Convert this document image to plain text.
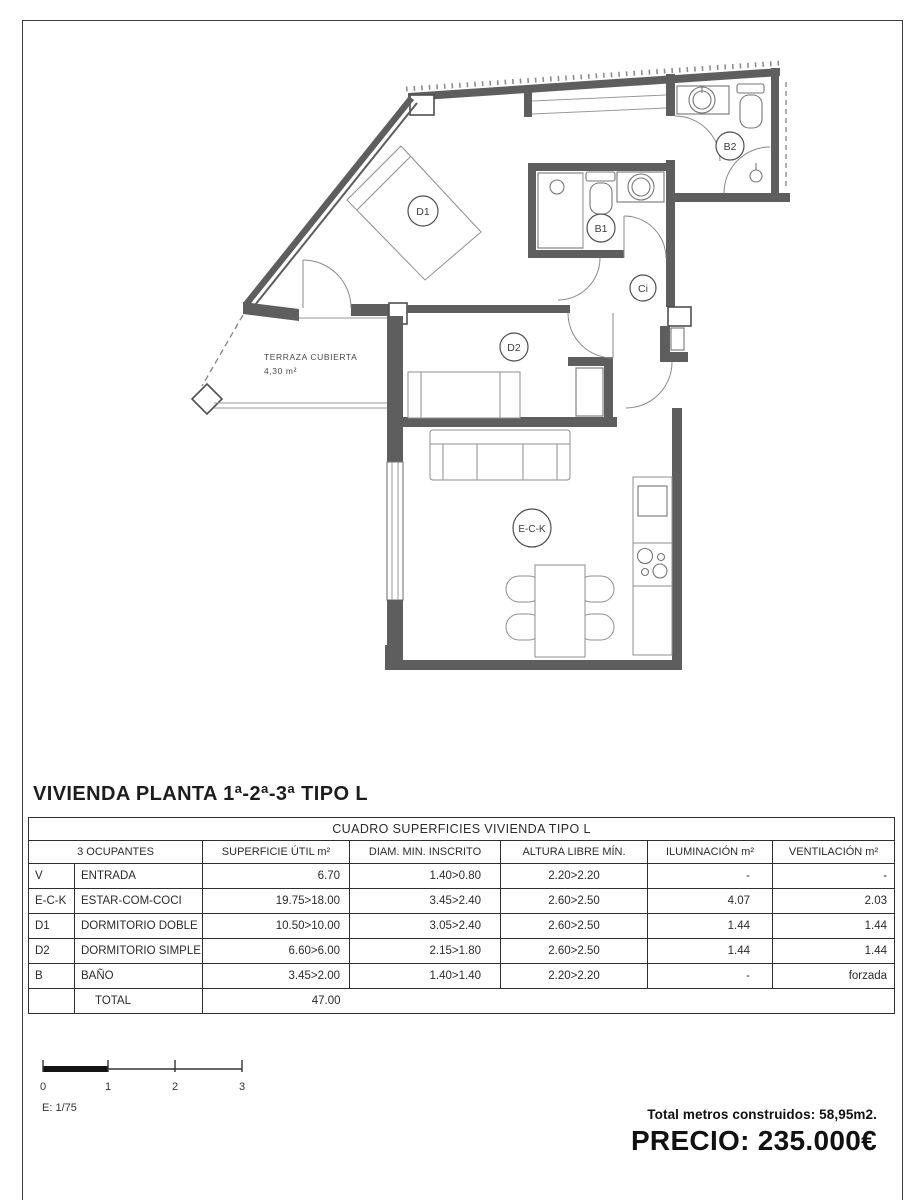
TERRAZA CUBIERTA
4,30 m²
D1
B2
B1
Ci
D2
E-C-K
0	1	2	3
E: 1/75
VIVIENDA PLANTA 1ª-2ª-3ª TIPO L
CUADRO SUPERFICIES VIVIENDA TIPO L						
3 OCUPANTES		SUPERFICIE ÚTIL m²	DIAM. MIN. INSCRITO	ALTURA LIBRE MÍN.	ILUMINACIÓN m²	VENTILACIÓN m²
V	ENTRADA	6.70	1.40>0.80	2.20>2.20	-	-
E-C-K	ESTAR-COM-COCI	19.75>18.00	3.45>2.40	2.60>2.50	4.07	2.03
D1	DORMITORIO DOBLE	10.50>10.00	3.05>2.40	2.60>2.50	1.44	1.44
D2	DORMITORIO SIMPLE	6.60>6.00	2.15>1.80	2.60>2.50	1.44	1.44
B	BAÑO	3.45>2.00	1.40>1.40	2.20>2.20	-	forzada
	TOTAL	47.00				
Total metros construidos: 58,95m2.
PRECIO: 235.000€
